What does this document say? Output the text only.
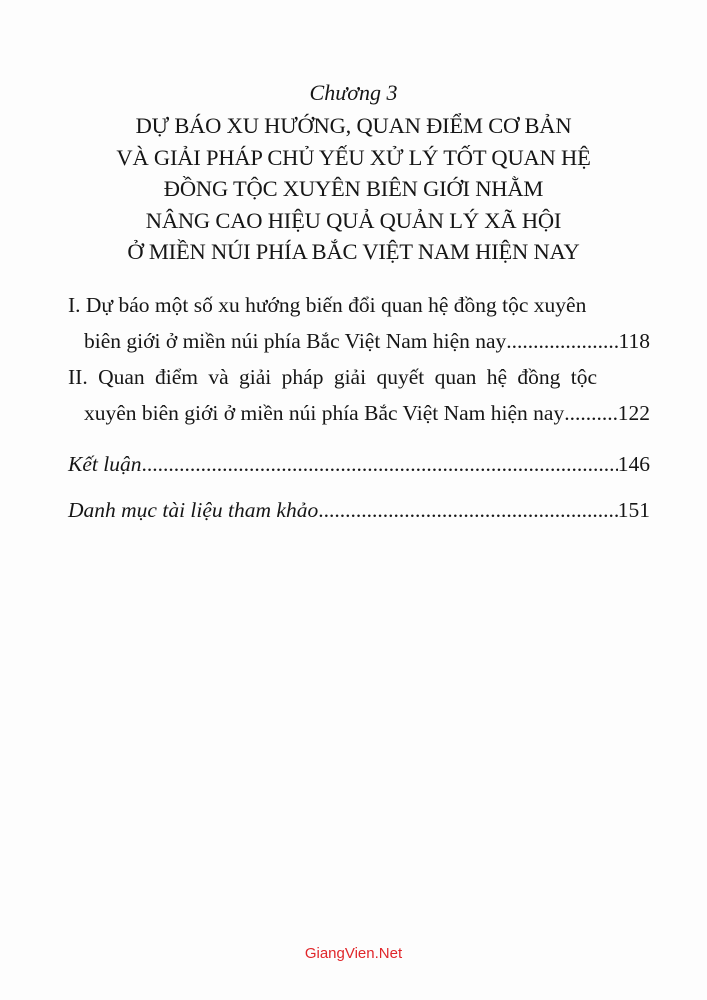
Chương 3
DỰ BÁO XU HƯỚNG, QUAN ĐIỂM CƠ BẢN
VÀ GIẢI PHÁP CHỦ YẾU XỬ LÝ TỐT QUAN HỆ
ĐỒNG TỘC XUYÊN BIÊN GIỚI NHẰM
NÂNG CAO HIỆU QUẢ QUẢN LÝ XÃ HỘI
Ở MIỀN NÚI PHÍA BẮC VIỆT NAM HIỆN NAY
I. Dự báo một số xu hướng biến đổi quan hệ đồng tộc xuyên
biên giới ở miền núi phía Bắc Việt Nam hiện nay .....	118
II. Quan điểm và giải pháp giải quyết quan hệ đồng tộc
xuyên biên giới ở miền núi phía Bắc Việt Nam hiện nay ..... 122
Kết luận .....	146
Danh mục tài liệu tham khảo .....	151
GiangVien.Net
